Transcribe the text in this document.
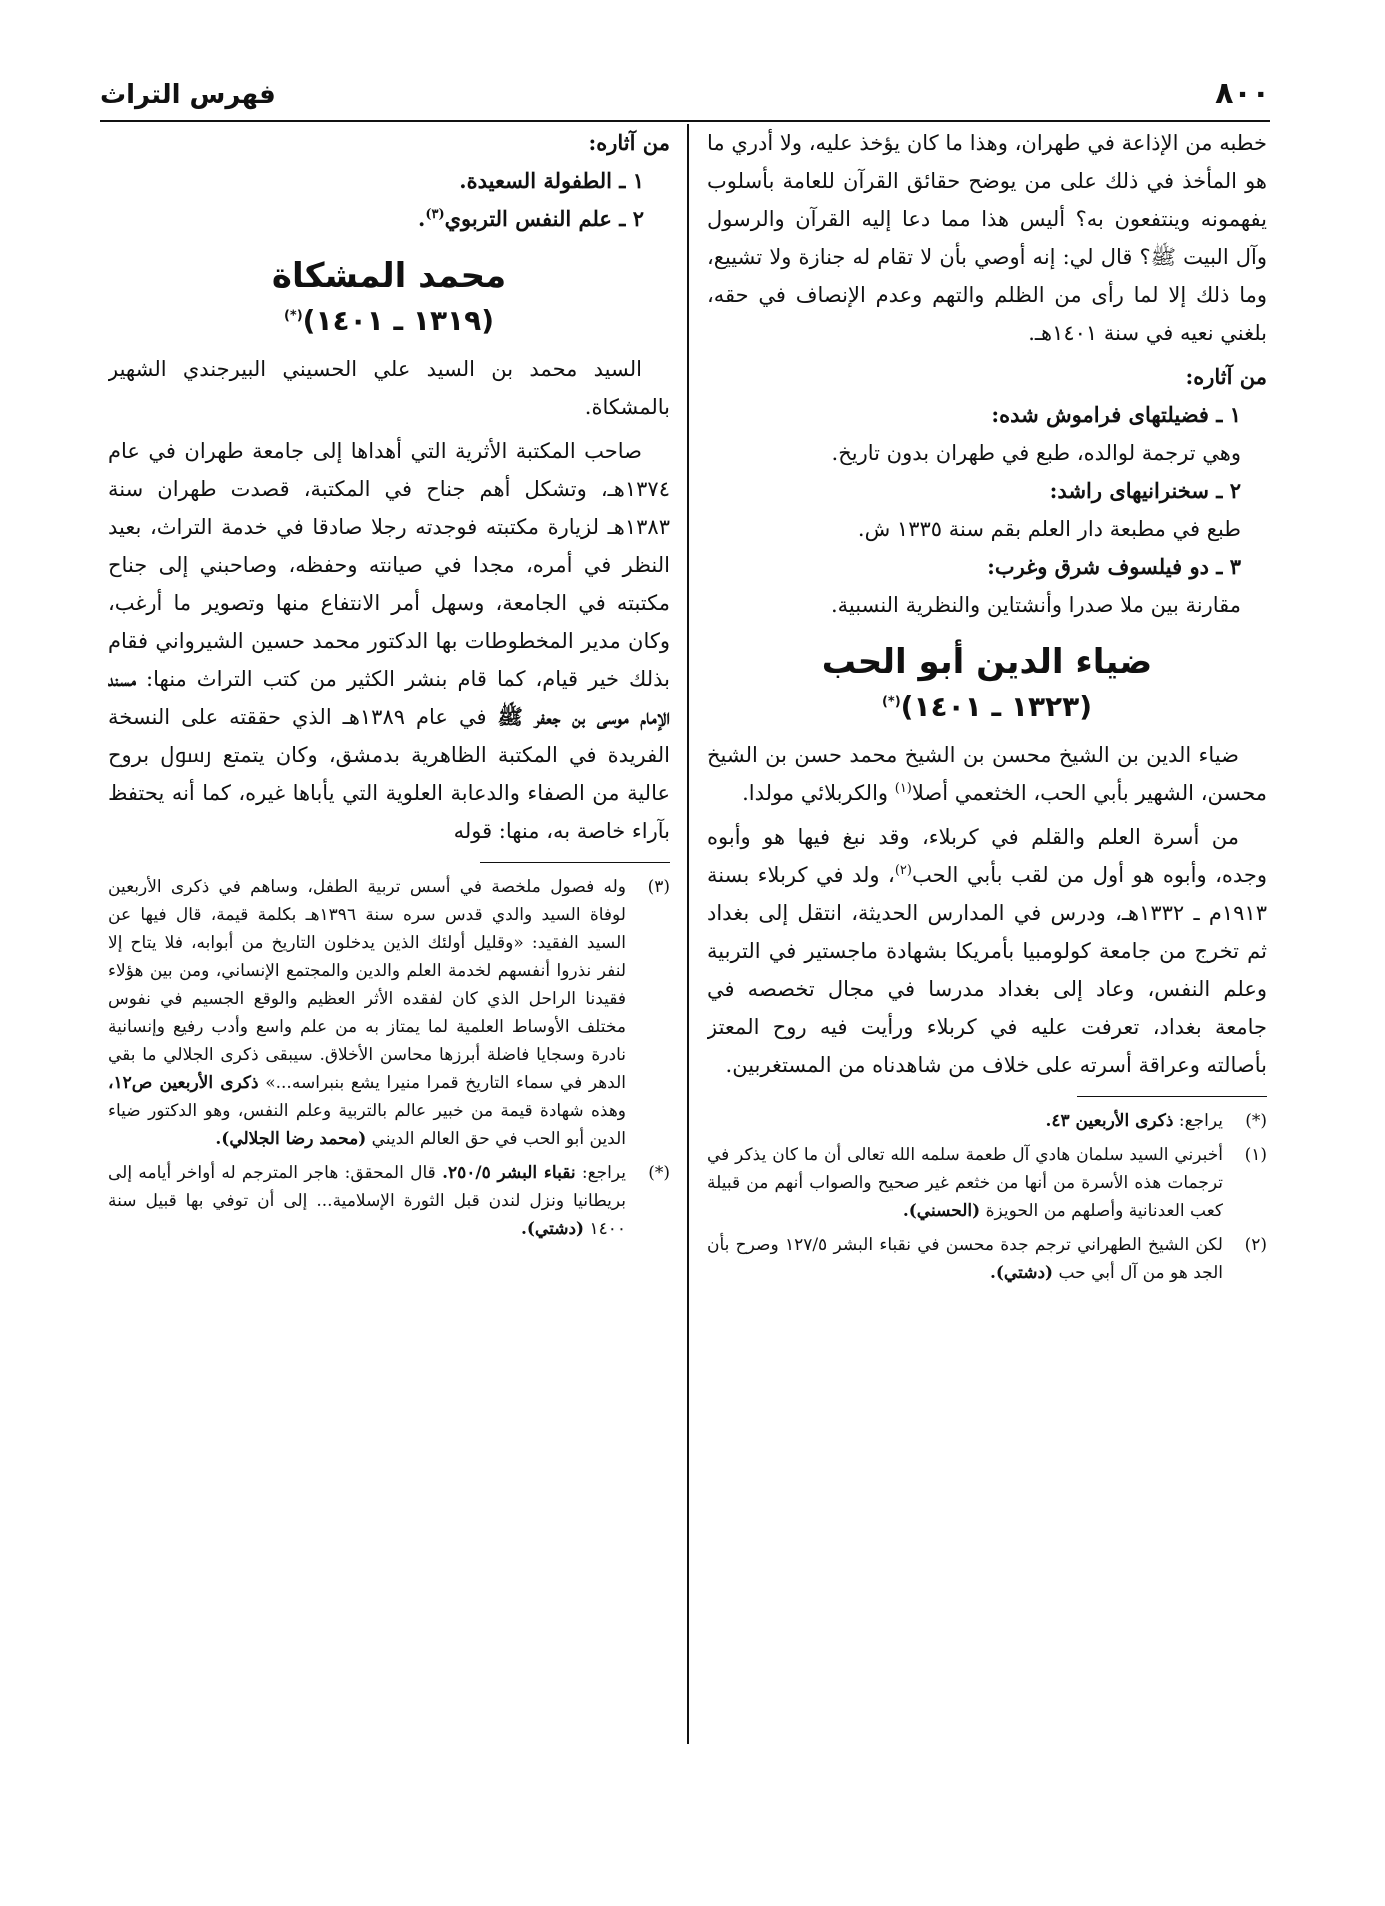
٨٠٠
فهرس التراث

خطبه من الإذاعة في طهران، وهذا ما كان يؤخذ عليه، ولا أدري ما هو المأخذ في ذلك على من يوضح حقائق القرآن للعامة بأسلوب يفهمونه وينتفعون به؟ أليس هذا مما دعا إليه القرآن والرسول وآل البيت ﷺ؟ قال لي: إنه أوصي بأن لا تقام له جنازة ولا تشييع، وما ذلك إلا لما رأى من الظلم والتهم وعدم الإنصاف في حقه، بلغني نعيه في سنة ١٤٠١هـ.

من آثاره:

١ ـ فضيلتهاى فراموش شده:

وهي ترجمة لوالده، طبع في طهران بدون تاريخ.

٢ ـ سخنرانيهاى راشد:

طبع في مطبعة دار العلم بقم سنة ١٣٣٥ ش.

٣ ـ دو فيلسوف شرق وغرب:

مقارنة بين ملا صدرا وأنشتاين والنظرية النسبية.

ضياء الدين أبو الحب
(١٣٢٣ ـ ١٤٠١)(*)

ضياء الدين بن الشيخ محسن بن الشيخ محمد حسن بن الشيخ محسن، الشهير بأبي الحب، الخثعمي أصلا$^{(١)}$ والكربلائي مولدا.

من أسرة العلم والقلم في كربلاء، وقد نبغ فيها هو وأبوه وجده، وأبوه هو أول من لقب بأبي الحب$^{(٢)}$، ولد في كربلاء بسنة ١٩١٣م ـ ١٣٣٢هـ، ودرس في المدارس الحديثة، انتقل إلى بغداد ثم تخرج من جامعة كولومبيا بأمريكا بشهادة ماجستير في التربية وعلم النفس، وعاد إلى بغداد مدرسا في مجال تخصصه في جامعة بغداد، تعرفت عليه في كربلاء ورأيت فيه روح المعتز بأصالته وعراقة أسرته على خلاف من شاهدناه من المستغربين.

(*)
يراجع: ذكرى الأربعين ٤٣.
(١)
أخبرني السيد سلمان هادي آل طعمة سلمه الله تعالى أن ما كان يذكر في ترجمات هذه الأسرة من أنها من خثعم غير صحيح والصواب أنهم من قبيلة كعب العدنانية وأصلهم من الحويزة (الحسني).
(٢)
لكن الشيخ الطهراني ترجم جدة محسن في نقباء البشر ١٢٧/٥ وصرح بأن الجد هو من آل أبي حب (دشتي).

من آثاره:

١ ـ الطفولة السعيدة.

٢ ـ علم النفس التربوي$^{(٣)}$.

محمد المشكاة
(١٣١٩ ـ ١٤٠١)(*)

السيد محمد بن السيد علي الحسيني البيرجندي الشهير بالمشكاة.

صاحب المكتبة الأثرية التي أهداها إلى جامعة طهران في عام ١٣٧٤هـ، وتشكل أهم جناح في المكتبة، قصدت طهران سنة ١٣٨٣هـ لزيارة مكتبته فوجدته رجلا صادقا في خدمة التراث، بعيد النظر في أمره، مجدا في صيانته وحفظه، وصاحبني إلى جناح مكتبته في الجامعة، وسهل أمر الانتفاع منها وتصوير ما أرغب، وكان مدير المخطوطات بها الدكتور محمد حسين الشيرواني فقام بذلك خير قيام، كما قام بنشر الكثير من كتب التراث منها: مسند الإمام موسى بن جعفر ﷺ في عام ١٣٨٩هـ الذي حققته على النسخة الفريدة في المكتبة الظاهرية بدمشق، وكان يتمتع ﷶ بروح عالية من الصفاء والدعابة العلوية التي يأباها غيره، كما أنه يحتفظ بآراء خاصة به، منها: قوله

(٣)
وله فصول ملخصة في أسس تربية الطفل، وساهم في ذكرى الأربعين لوفاة السيد والدي قدس سره سنة ١٣٩٦هـ بكلمة قيمة، قال فيها عن السيد الفقيد: «وقليل أولئك الذين يدخلون التاريخ من أبوابه، فلا يتاح إلا لنفر نذروا أنفسهم لخدمة العلم والدين والمجتمع الإنساني، ومن بين هؤلاء فقيدنا الراحل الذي كان لفقده الأثر العظيم والوقع الجسيم في نفوس مختلف الأوساط العلمية لما يمتاز به من علم واسع وأدب رفيع وإنسانية نادرة وسجايا فاضلة أبرزها محاسن الأخلاق. سيبقى ذكرى الجلالي ما بقي الدهر في سماء التاريخ قمرا منيرا يشع بنبراسه...» ذكرى الأربعين ص١٢، وهذه شهادة قيمة من خبير عالم بالتربية وعلم النفس، وهو الدكتور ضياء الدين أبو الحب في حق العالم الديني (محمد رضا الجلالي).
(*)
يراجع: نقباء البشر ٢٥٠/٥. قال المحقق: هاجر المترجم له أواخر أيامه إلى بريطانيا ونزل لندن قبل الثورة الإسلامية... إلى أن توفي بها قبيل سنة ١٤٠٠ (دشتي).
